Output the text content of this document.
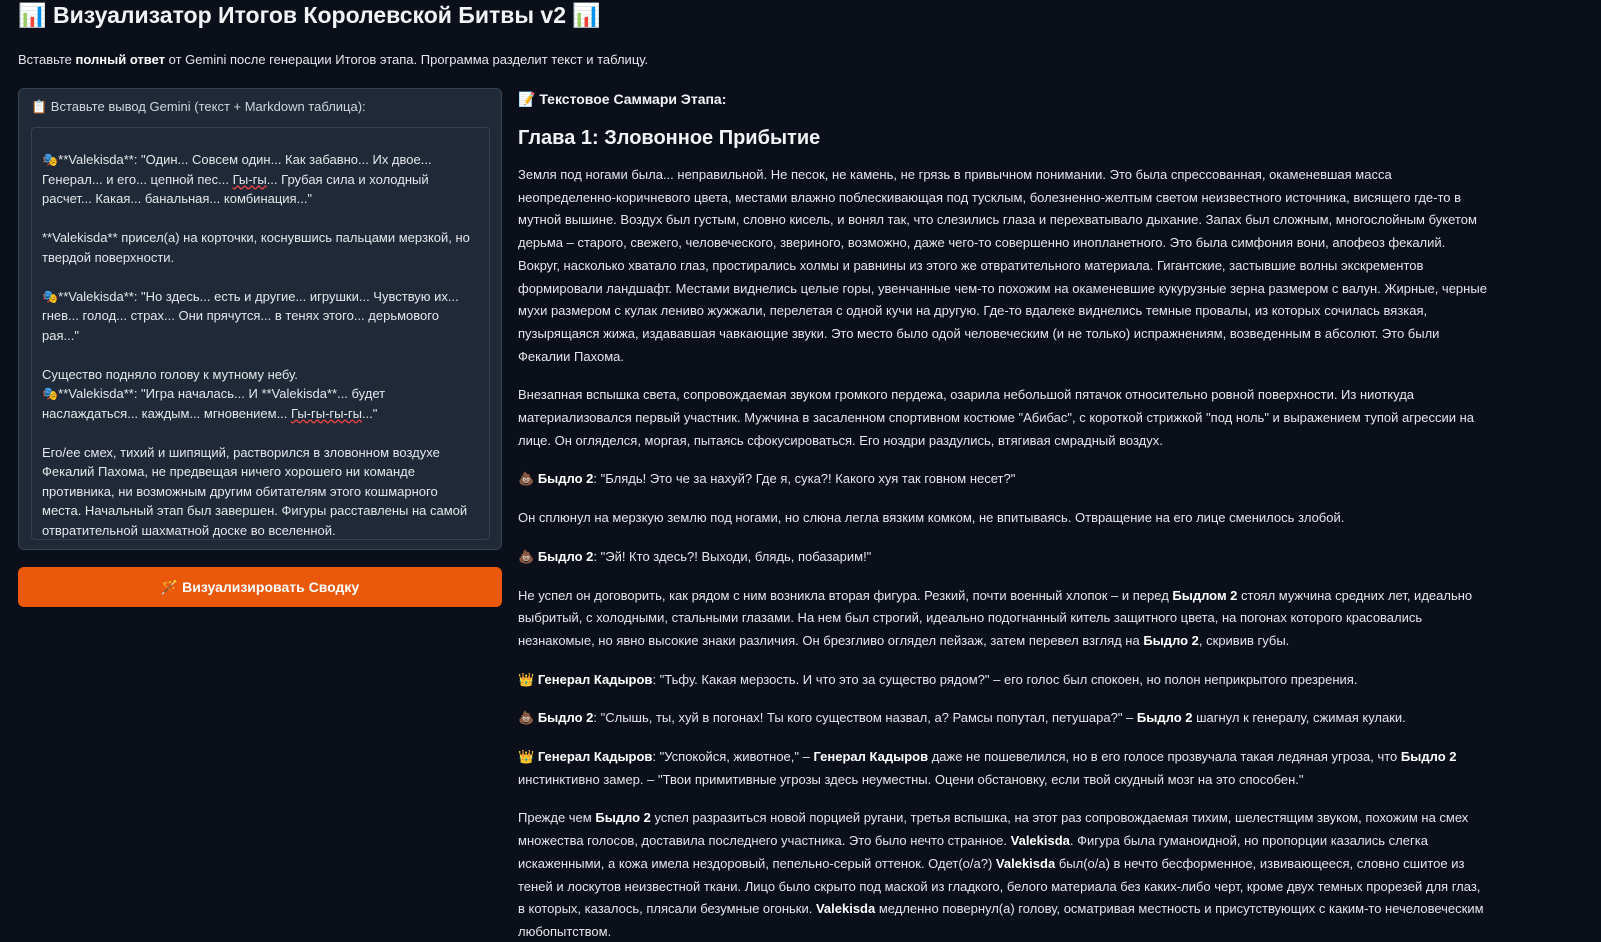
📊 Визуализатор Итогов Королевской Битвы v2 📊

Вставьте полный ответ от Gemini после генерации Итогов этапа. Программа разделит текст и таблицу.

📋 Вставьте вывод Gemini (текст + Markdown таблица):

🎭**Valekisda**: "Один... Совсем один... Как забавно... Их двое... Генерал... и его... цепной пес... Гы-гы... Грубая сила и холодный расчет... Какая... банальная... комбинация..."

**Valekisda** присел(а) на корточки, коснувшись пальцами мерзкой, но твердой поверхности.

🎭**Valekisda**: "Но здесь... есть и другие... игрушки... Чувствую их... гнев... голод... страх... Они прячутся... в тенях этого... дерьмового рая..."

Существо подняло голову к мутному небу.
🎭**Valekisda**: "Игра началась... И **Valekisda**... будет наслаждаться... каждым... мгновением... Гы-гы-гы-гы..."

Его/ее смех, тихий и шипящий, растворился в зловонном воздухе Фекалий Пахома, не предвещая ничего хорошего ни команде противника, ни возможным другим обитателям этого кошмарного места. Начальный этап был завершен. Фигуры расставлены на самой отвратительной шахматной доске во вселенной.

🪄 Визуализировать Сводку
📝 Текстовое Саммари Этапа:
Глава 1: Зловонное Прибытие

Земля под ногами была... неправильной. Не песок, не камень, не грязь в привычном понимании. Это была спрессованная, окаменевшая масса неопределенно-коричневого цвета, местами влажно поблескивающая под тусклым, болезненно-желтым светом неизвестного источника, висящего где-то в мутной вышине. Воздух был густым, словно кисель, и вонял так, что слезились глаза и перехватывало дыхание. Запах был сложным, многослойным букетом дерьма – старого, свежего, человеческого, звериного, возможно, даже чего-то совершенно инопланетного. Это была симфония вони, апофеоз фекалий. Вокруг, насколько хватало глаз, простирались холмы и равнины из этого же отвратительного материала. Гигантские, застывшие волны экскрементов формировали ландшафт. Местами виднелись целые горы, увенчанные чем-то похожим на окаменевшие кукурузные зерна размером с валун. Жирные, черные мухи размером с кулак лениво жужжали, перелетая с одной кучи на другую. Где-то вдалеке виднелись темные провалы, из которых сочилась вязкая, пузырящаяся жижа, издававшая чавкающие звуки. Это место было одой человеческим (и не только) испражнениям, возведенным в абсолют. Это были Фекалии Пахома.

Внезапная вспышка света, сопровождаемая звуком громкого пердежа, озарила небольшой пятачок относительно ровной поверхности. Из ниоткуда материализовался первый участник. Мужчина в засаленном спортивном костюме "Абибас", с короткой стрижкой "под ноль" и выражением тупой агрессии на лице. Он огляделся, моргая, пытаясь сфокусироваться. Его ноздри раздулись, втягивая смрадный воздух.

💩 Быдло 2: "Блядь! Это че за нахуй? Где я, сука?! Какого хуя так говном несет?"

Он сплюнул на мерзкую землю под ногами, но слюна легла вязким комком, не впитываясь. Отвращение на его лице сменилось злобой.

💩 Быдло 2: "Эй! Кто здесь?! Выходи, блядь, побазарим!"

Не успел он договорить, как рядом с ним возникла вторая фигура. Резкий, почти военный хлопок – и перед Быдлом 2 стоял мужчина средних лет, идеально выбритый, с холодными, стальными глазами. На нем был строгий, идеально подогнанный китель защитного цвета, на погонах которого красовались незнакомые, но явно высокие знаки различия. Он брезгливо оглядел пейзаж, затем перевел взгляд на Быдло 2, скривив губы.

👑 Генерал Кадыров: "Тьфу. Какая мерзость. И что это за существо рядом?" – его голос был спокоен, но полон неприкрытого презрения.

💩 Быдло 2: "Слышь, ты, хуй в погонах! Ты кого существом назвал, а? Рамсы попутал, петушара?" – Быдло 2 шагнул к генералу, сжимая кулаки.

👑 Генерал Кадыров: "Успокойся, животное," – Генерал Кадыров даже не пошевелился, но в его голосе прозвучала такая ледяная угроза, что Быдло 2 инстинктивно замер. – "Твои примитивные угрозы здесь неуместны. Оцени обстановку, если твой скудный мозг на это способен."

Прежде чем Быдло 2 успел разразиться новой порцией ругани, третья вспышка, на этот раз сопровождаемая тихим, шелестящим звуком, похожим на смех множества голосов, доставила последнего участника. Это было нечто странное. Valekisda. Фигура была гуманоидной, но пропорции казались слегка искаженными, а кожа имела нездоровый, пепельно-серый оттенок. Одет(о/а?) Valekisda был(о/а) в нечто бесформенное, извивающееся, словно сшитое из теней и лоскутов неизвестной ткани. Лицо было скрыто под маской из гладкого, белого материала без каких-либо черт, кроме двух темных прорезей для глаз, в которых, казалось, плясали безумные огоньки. Valekisda медленно повернул(а) голову, осматривая местность и присутствующих с каким-то нечеловеческим любопытством.
